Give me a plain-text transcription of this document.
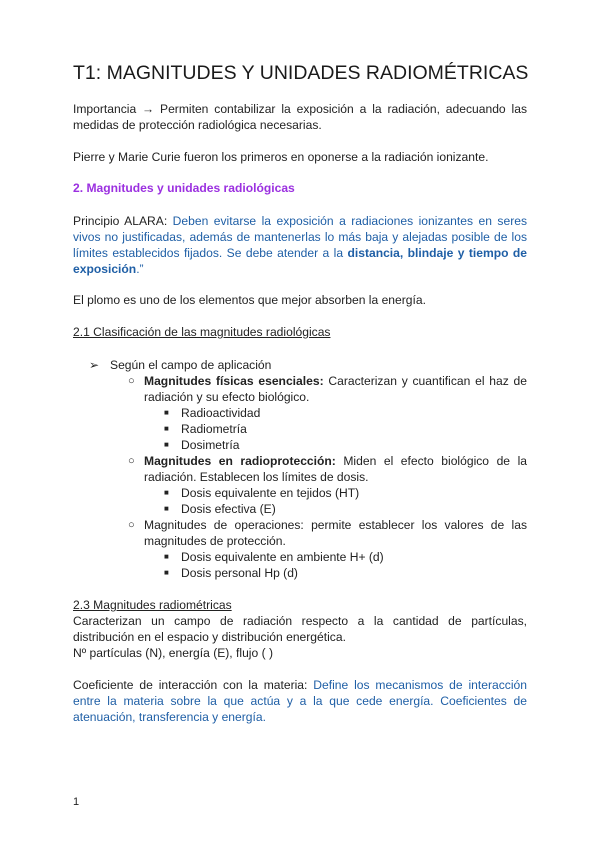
T1: MAGNITUDES Y UNIDADES RADIOMÉTRICAS

Importancia → Permiten contabilizar la exposición a la radiación, adecuando las medidas de protección radiológica necesarias.

Pierre y Marie Curie fueron los primeros en oponerse a la radiación ionizante.

2. Magnitudes y unidades radiológicas

Principio ALARA: Deben evitarse la exposición a radiaciones ionizantes en seres vivos no justificadas, además de mantenerlas lo más baja y alejadas posible de los límites establecidos fijados. Se debe atender a la distancia, blindaje y tiempo de exposición.”

El plomo es uno de los elementos que mejor absorben la energía.

2.1 Clasificación de las magnitudes radiológicas

➢ Según el campo de aplicación
○ Magnitudes físicas esenciales: Caracterizan y cuantifican el haz de radiación y su efecto biológico.
■ Radioactividad
■ Radiometría
■ Dosimetría
○ Magnitudes en radioprotección: Miden el efecto biológico de la radiación. Establecen los límites de dosis.
■ Dosis equivalente en tejidos (HT)
■ Dosis efectiva (E)
○ Magnitudes de operaciones: permite establecer los valores de las magnitudes de protección.
■ Dosis equivalente en ambiente H+ (d)
■ Dosis personal Hp (d)

2.3 Magnitudes radiométricas

Caracterizan un campo de radiación respecto a la cantidad de partículas, distribución en el espacio y distribución energética.

Nº partículas (N), energía (E), flujo ( )

Coeficiente de interacción con la materia: Define los mecanismos de interacción entre la materia sobre la que actúa y a la que cede energía. Coeficientes de atenuación, transferencia y energía.

1
